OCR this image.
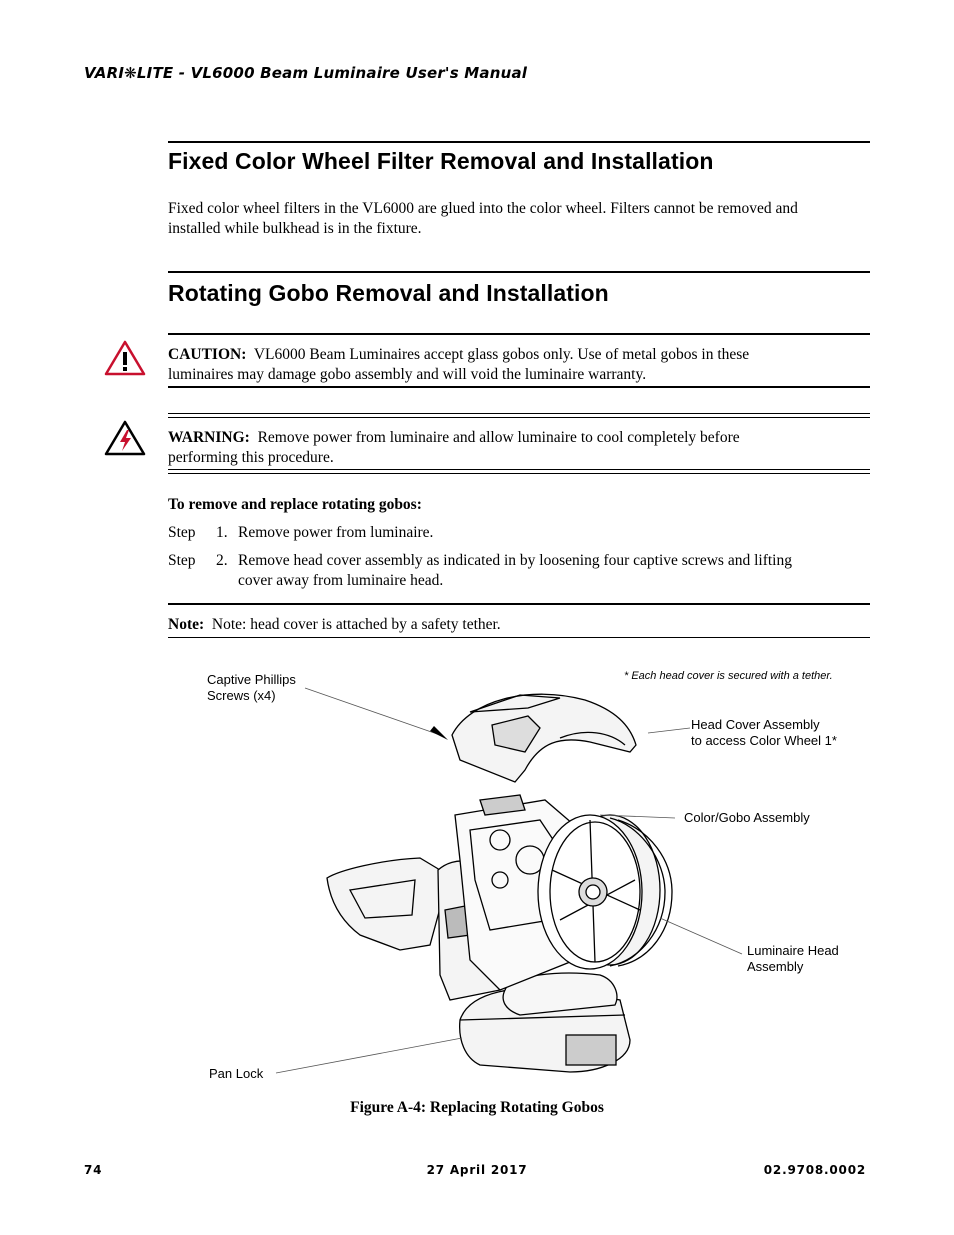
VARI❋LITE - VL6000 Beam Luminaire User's Manual
Fixed Color Wheel Filter Removal and Installation
Fixed color wheel filters in the VL6000 are glued into the color wheel. Filters cannot be removed and
installed while bulkhead is in the fixture.
Rotating Gobo Removal and Installation
CAUTION: VL6000 Beam Luminaires accept glass gobos only. Use of metal gobos in these
luminaires may damage gobo assembly and will void the luminaire warranty.
WARNING: Remove power from luminaire and allow luminaire to cool completely before
performing this procedure.
To remove and replace rotating gobos:
Step 1. Remove power from luminaire.
Step 2. Remove head cover assembly as indicated in by loosening four captive screws and lifting
cover away from luminaire head.
Note: Note: head cover is attached by a safety tether.
Captive Phillips
Screws (x4)
* Each head cover is secured with a tether.
Head Cover Assembly
to access Color Wheel 1*
Color/Gobo Assembly
Luminaire Head
Assembly
Pan Lock
Figure A-4: Replacing Rotating Gobos
74	27 April 2017	02.9708.0002
